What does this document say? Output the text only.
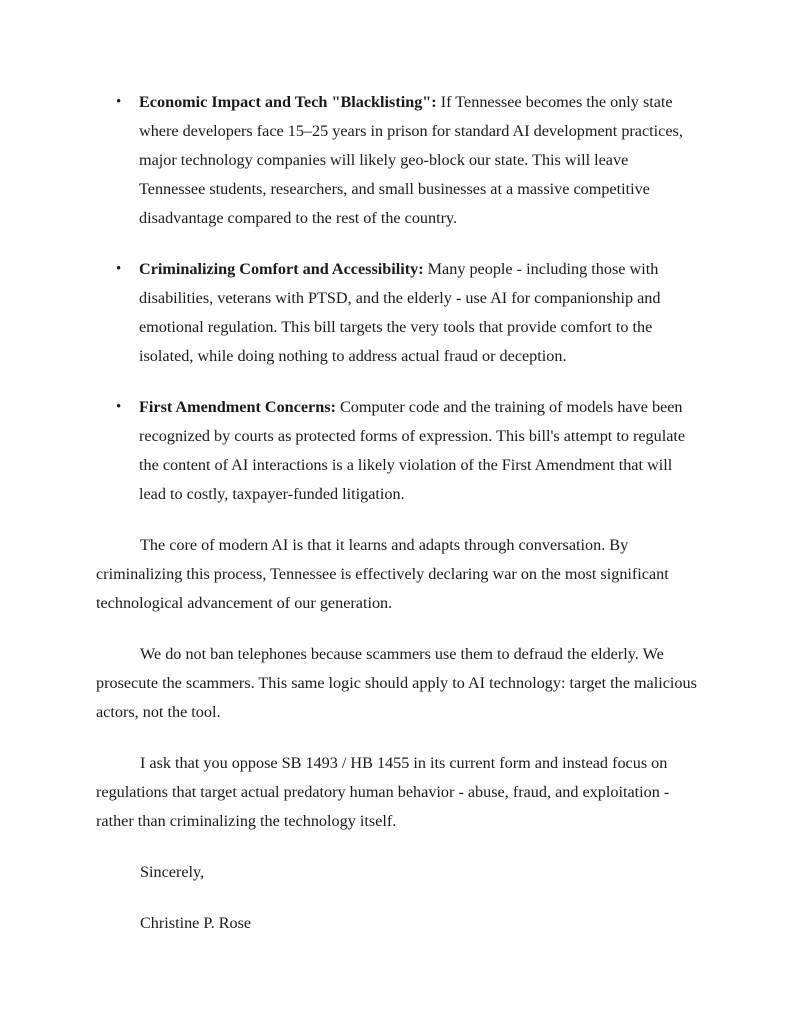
• Economic Impact and Tech "Blacklisting": If Tennessee becomes the only state where developers face 15–25 years in prison for standard AI development practices, major technology companies will likely geo-block our state. This will leave Tennessee students, researchers, and small businesses at a massive competitive disadvantage compared to the rest of the country.
• Criminalizing Comfort and Accessibility: Many people - including those with disabilities, veterans with PTSD, and the elderly - use AI for companionship and emotional regulation. This bill targets the very tools that provide comfort to the isolated, while doing nothing to address actual fraud or deception.
• First Amendment Concerns: Computer code and the training of models have been recognized by courts as protected forms of expression. This bill's attempt to regulate the content of AI interactions is a likely violation of the First Amendment that will lead to costly, taxpayer-funded litigation.

The core of modern AI is that it learns and adapts through conversation. By criminalizing this process, Tennessee is effectively declaring war on the most significant technological advancement of our generation.

We do not ban telephones because scammers use them to defraud the elderly. We prosecute the scammers. This same logic should apply to AI technology: target the malicious actors, not the tool.

I ask that you oppose SB 1493 / HB 1455 in its current form and instead focus on regulations that target actual predatory human behavior - abuse, fraud, and exploitation - rather than criminalizing the technology itself.

Sincerely,

Christine P. Rose
